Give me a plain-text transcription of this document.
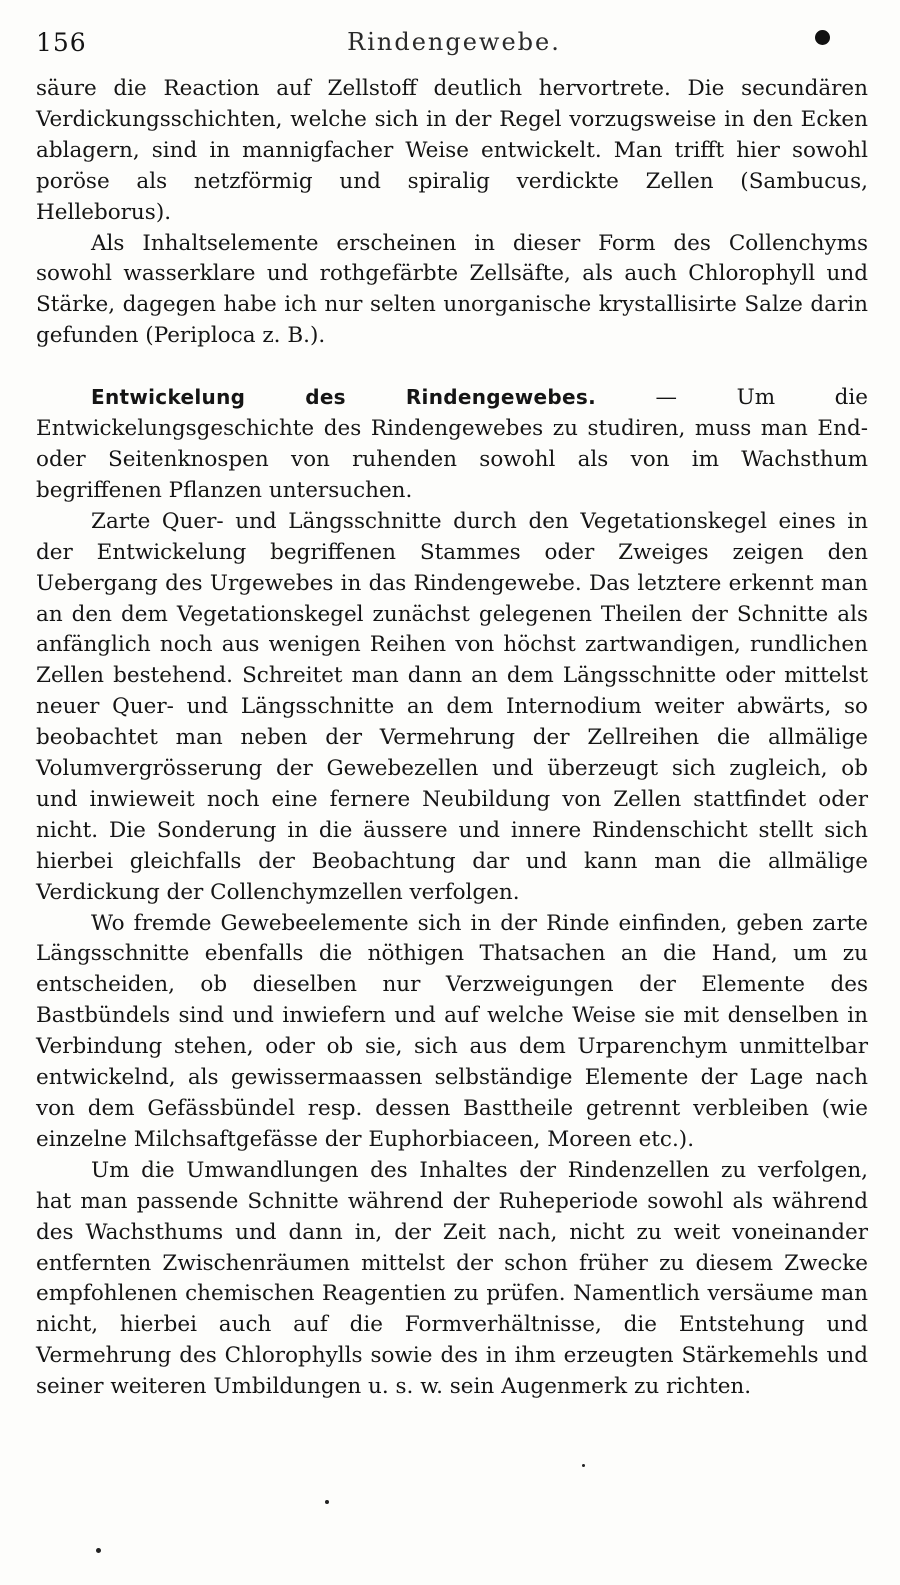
156	Rindengewebe.

säure die Reaction auf Zellstoff deutlich hervortrete. Die secundären Verdickungsschichten, welche sich in der Regel vorzugsweise in den Ecken ablagern, sind in mannigfacher Weise entwickelt. Man trifft hier sowohl poröse als netzförmig und spiralig verdickte Zellen (Sambucus, Helleborus).

Als Inhaltselemente erscheinen in dieser Form des Collenchyms sowohl wasserklare und rothgefärbte Zellsäfte, als auch Chlorophyll und Stärke, dagegen habe ich nur selten unorganische krystallisirte Salze darin gefunden (Periploca z. B.).

Entwickelung des Rindengewebes. — Um die Entwickelungsgeschichte des Rindengewebes zu studiren, muss man End- oder Seitenknospen von ruhenden sowohl als von im Wachsthum begriffenen Pflanzen untersuchen.

Zarte Quer- und Längsschnitte durch den Vegetationskegel eines in der Entwickelung begriffenen Stammes oder Zweiges zeigen den Uebergang des Urgewebes in das Rindengewebe. Das letztere erkennt man an den dem Vegetationskegel zunächst gelegenen Theilen der Schnitte als anfänglich noch aus wenigen Reihen von höchst zartwandigen, rundlichen Zellen bestehend. Schreitet man dann an dem Längsschnitte oder mittelst neuer Quer- und Längsschnitte an dem Internodium weiter abwärts, so beobachtet man neben der Vermehrung der Zellreihen die allmälige Volumvergrösserung der Gewebezellen und überzeugt sich zugleich, ob und inwieweit noch eine fernere Neubildung von Zellen stattfindet oder nicht. Die Sonderung in die äussere und innere Rindenschicht stellt sich hierbei gleichfalls der Beobachtung dar und kann man die allmälige Verdickung der Collenchymzellen verfolgen.

Wo fremde Gewebeelemente sich in der Rinde einfinden, geben zarte Längsschnitte ebenfalls die nöthigen Thatsachen an die Hand, um zu entscheiden, ob dieselben nur Verzweigungen der Elemente des Bastbündels sind und inwiefern und auf welche Weise sie mit denselben in Verbindung stehen, oder ob sie, sich aus dem Urparenchym unmittelbar entwickelnd, als gewissermaassen selbständige Elemente der Lage nach von dem Gefässbündel resp. dessen Basttheile getrennt verbleiben (wie einzelne Milchsaftgefässe der Euphorbiaceen, Moreen etc.).

Um die Umwandlungen des Inhaltes der Rindenzellen zu verfolgen, hat man passende Schnitte während der Ruheperiode sowohl als während des Wachsthums und dann in, der Zeit nach, nicht zu weit voneinander entfernten Zwischenräumen mittelst der schon früher zu diesem Zwecke empfohlenen chemischen Reagentien zu prüfen. Namentlich versäume man nicht, hierbei auch auf die Formverhältnisse, die Entstehung und Vermehrung des Chlorophylls sowie des in ihm erzeugten Stärkemehls und seiner weiteren Umbildungen u. s. w. sein Augenmerk zu richten.
